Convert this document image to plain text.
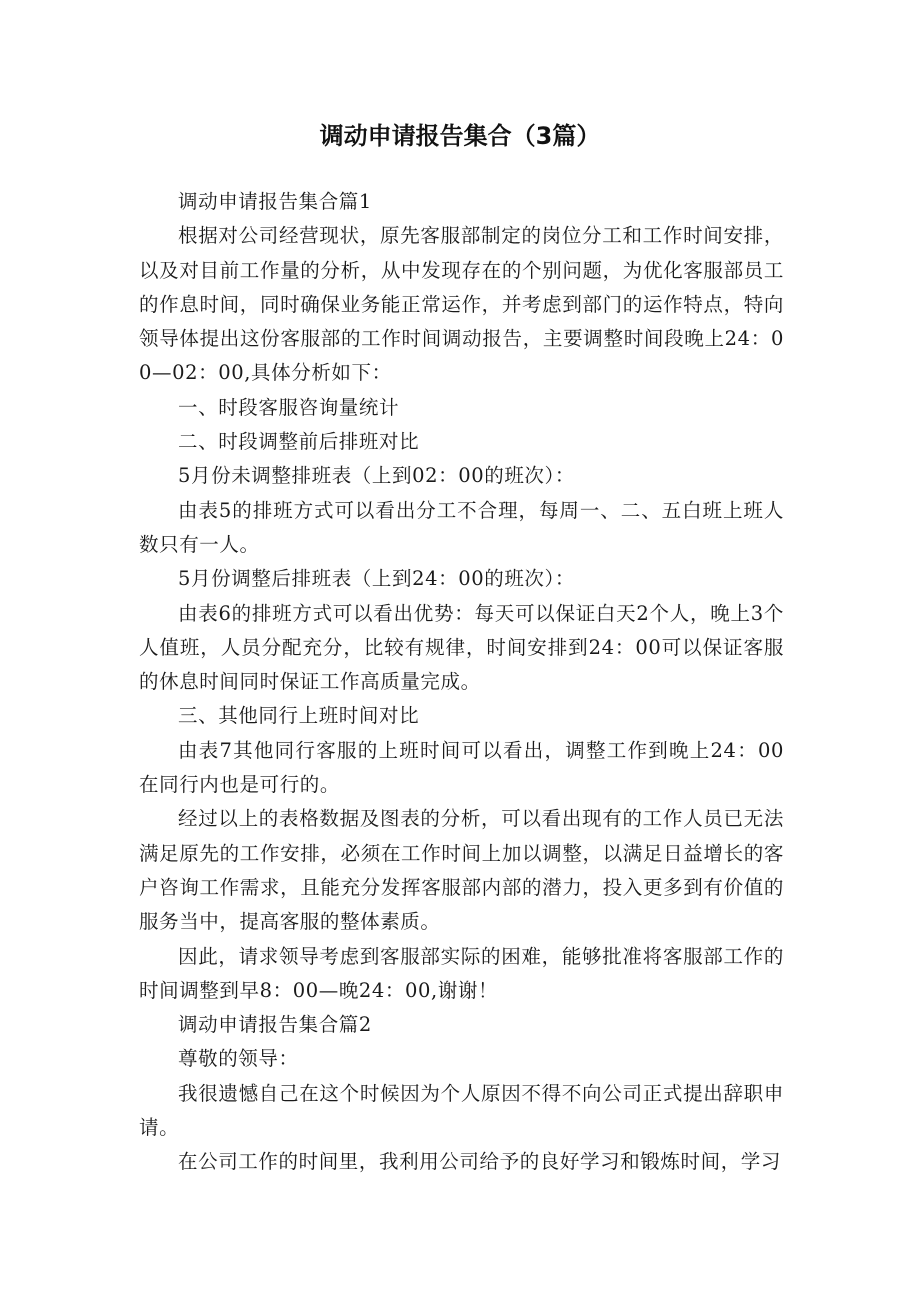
调动申请报告集合（3篇）

调动申请报告集合篇1

根据对公司经营现状，原先客服部制定的岗位分工和工作时间安排，以及对目前工作量的分析，从中发现存在的个别问题，为优化客服部员工的作息时间，同时确保业务能正常运作，并考虑到部门的运作特点，特向领导体提出这份客服部的工作时间调动报告，主要调整时间段晚上24：00—02：00,具体分析如下：

一、时段客服咨询量统计

二、时段调整前后排班对比

5月份未调整排班表（上到02：00的班次）：

由表5的排班方式可以看出分工不合理，每周一、二、五白班上班人数只有一人。

5月份调整后排班表（上到24：00的班次）：

由表6的排班方式可以看出优势：每天可以保证白天2个人，晚上3个人值班，人员分配充分，比较有规律，时间安排到24：00可以保证客服的休息时间同时保证工作高质量完成。

三、其他同行上班时间对比

由表7其他同行客服的上班时间可以看出，调整工作到晚上24：00在同行内也是可行的。

经过以上的表格数据及图表的分析，可以看出现有的工作人员已无法满足原先的工作安排，必须在工作时间上加以调整，以满足日益增长的客户咨询工作需求，且能充分发挥客服部内部的潜力，投入更多到有价值的服务当中，提高客服的整体素质。

因此，请求领导考虑到客服部实际的困难，能够批准将客服部工作的时间调整到早8：00—晚24：00,谢谢！

调动申请报告集合篇2

尊敬的领导：

我很遗憾自己在这个时候因为个人原因不得不向公司正式提出辞职申请。

在公司工作的时间里，我利用公司给予的良好学习和锻炼时间，学习
